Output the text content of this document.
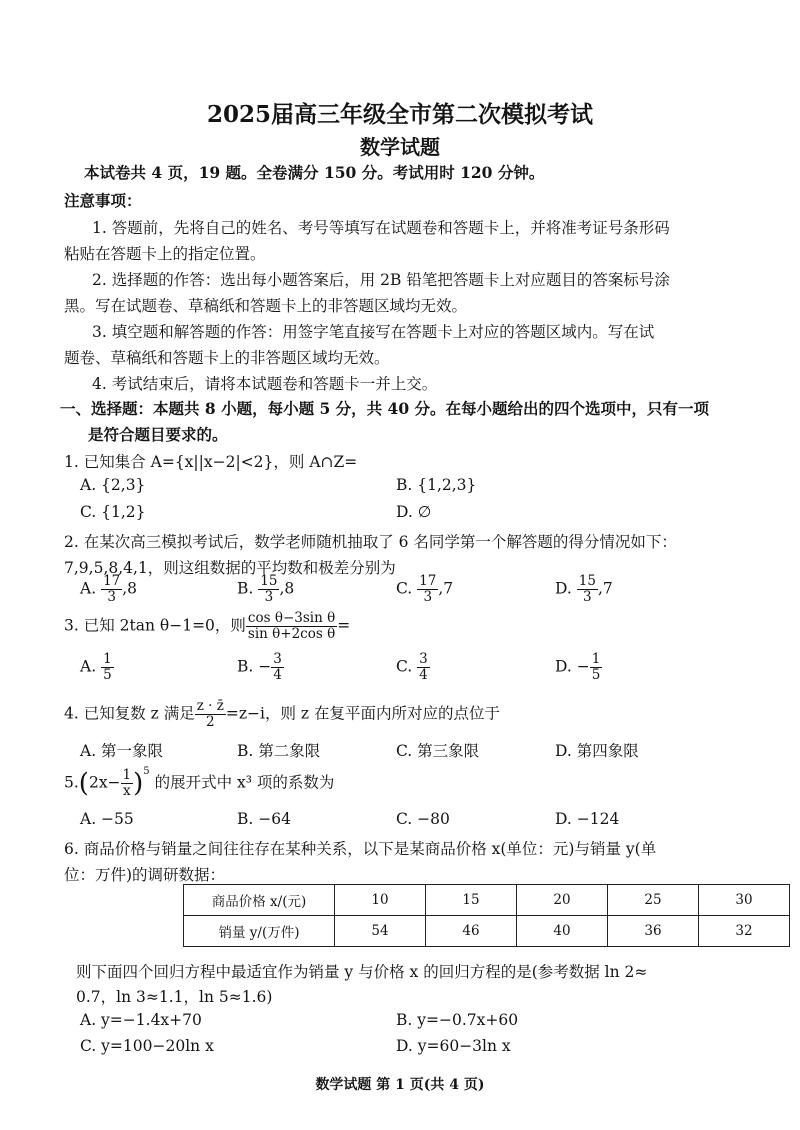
2025届高三年级全市第二次模拟考试
数学试题
本试卷共 4 页，19 题。全卷满分 150 分。考试用时 120 分钟。
注意事项：
1. 答题前，先将自己的姓名、考号等填写在试题卷和答题卡上，并将准考证号条形码
粘贴在答题卡上的指定位置。
2. 选择题的作答：选出每小题答案后，用 2B 铅笔把答题卡上对应题目的答案标号涂
黑。写在试题卷、草稿纸和答题卡上的非答题区域均无效。
3. 填空题和解答题的作答：用签字笔直接写在答题卡上对应的答题区域内。写在试
题卷、草稿纸和答题卡上的非答题区域均无效。
4. 考试结束后，请将本试题卷和答题卡一并上交。
一、选择题：本题共 8 小题，每小题 5 分，共 40 分。在每小题给出的四个选项中，只有一项
是符合题目要求的。
1. 已知集合 A={x||x−2|<2}，则 A∩Z=
A. {2,3}	B. {1,2,3}
C. {1,2}	D. ∅
2. 在某次高三模拟考试后，数学老师随机抽取了 6 名同学第一个解答题的得分情况如下：
7,9,5,8,4,1，则这组数据的平均数和极差分别为
A. $\frac{17}{3} ,8$	B. $\frac{15}{3} ,8$	C. $\frac{17}{3} ,7$	D. $\frac{15}{3} ,7$
3. 已知 2tan θ−1=0，则 $\frac{\text{cos θ−3sin θ}}{\text{sin θ+2cos θ}}$ =
A. $\frac{1}{5}$	B. − $\frac{3}{4}$	C. $\frac{3}{4}$	D. − $\frac{1}{5}$
4. 已知复数 z 满足 $\frac{z \cdot z̄}{2} =z-i$，则 z 在复平面内所对应的点位于
A. 第一象限	B. 第二象限	C. 第三象限	D. 第四象限
$5.(2x- \frac{1}{x} )^5$ 的展开式中 x³ 项的系数为
A. −55	B. −64	C. −80	D. −124
6. 商品价格与销量之间往往存在某种关系，以下是某商品价格 x(单位：元)与销量 y(单
位：万件)的调研数据：
商品价格 x/(元)	10	15	20	25	30
销量 y/(万件)	54	46	40	36	32
则下面四个回归方程中最适宜作为销量 y 与价格 x 的回归方程的是(参考数据 ln 2≈
0.7，ln 3≈1.1，ln 5≈1.6)
A. y=−1.4x+70	B. y=−0.7x+60
C. y=100−20ln x	D. y=60−3ln x
数学试题 第 1 页(共 4 页)
